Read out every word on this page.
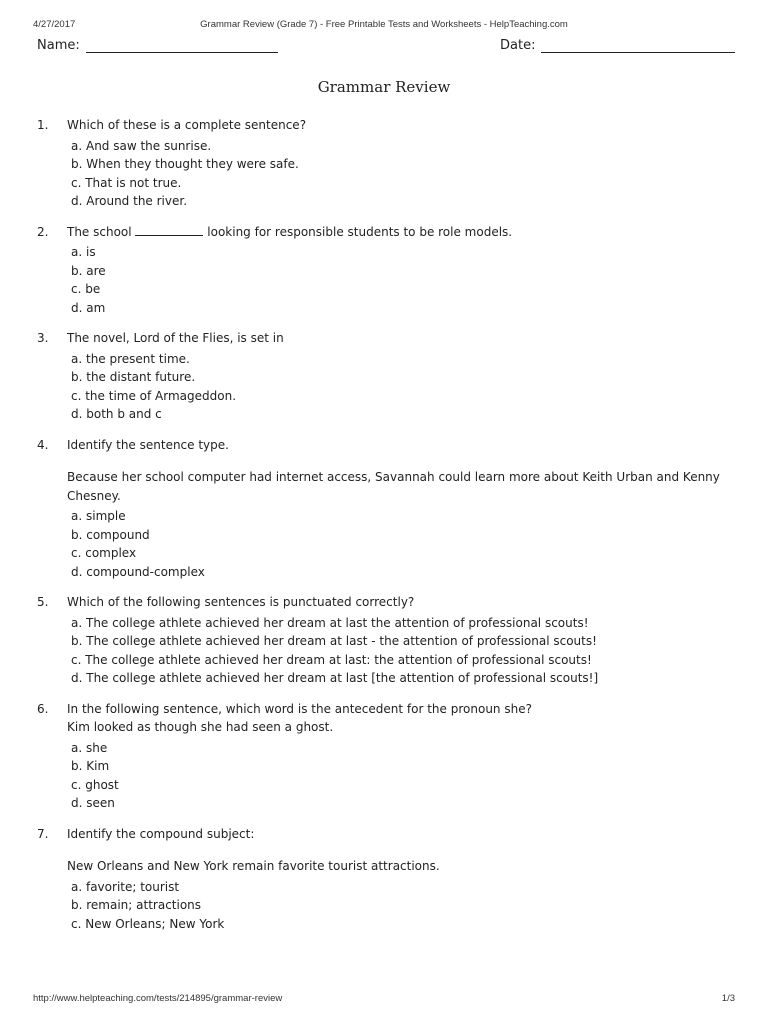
4/27/2017	Grammar Review (Grade 7) - Free Printable Tests and Worksheets - HelpTeaching.com
Name:	Date:
Grammar Review
1. Which of these is a complete sentence?
a. And saw the sunrise.
b. When they thought they were safe.
c. That is not true.
d. Around the river.
2. The school	looking for responsible students to be role models.
a. is
b. are
c. be
d. am
3. The novel, Lord of the Flies, is set in
a. the present time.
b. the distant future.
c. the time of Armageddon.
d. both b and c
4. Identify the sentence type.
Because her school computer had internet access, Savannah could learn more about Keith Urban and Kenny Chesney.
a. simple
b. compound
c. complex
d. compound-complex
5. Which of the following sentences is punctuated correctly?
a. The college athlete achieved her dream at last the attention of professional scouts!
b. The college athlete achieved her dream at last - the attention of professional scouts!
c. The college athlete achieved her dream at last: the attention of professional scouts!
d. The college athlete achieved her dream at last [the attention of professional scouts!]
6. In the following sentence, which word is the antecedent for the pronoun she?
Kim looked as though she had seen a ghost.
a. she
b. Kim
c. ghost
d. seen
7. Identify the compound subject:
New Orleans and New York remain favorite tourist attractions.
a. favorite; tourist
b. remain; attractions
c. New Orleans; New York
http://www.helpteaching.com/tests/214895/grammar-review	1/3
